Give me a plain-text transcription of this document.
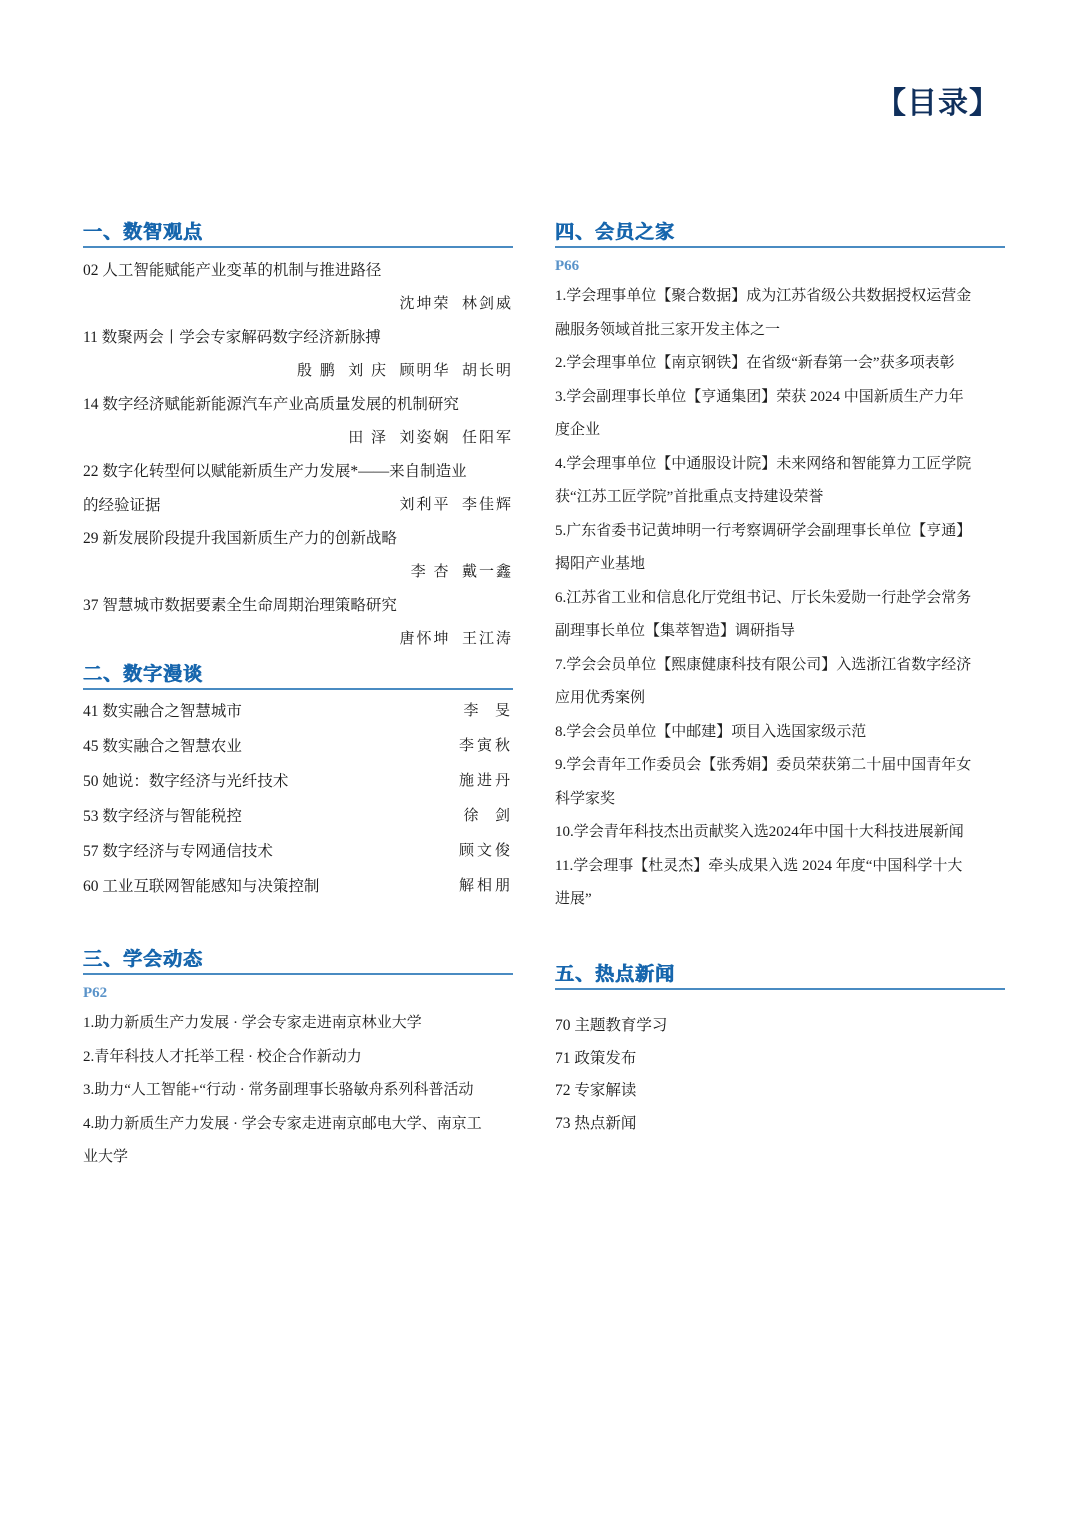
【目录】
一、数智观点
02 人工智能赋能产业变革的机制与推进路径
沈坤荣  林剑威
11 数聚两会丨学会专家解码数字经济新脉搏
殷 鹏  刘 庆  顾明华  胡长明
14 数字经济赋能新能源汽车产业高质量发展的机制研究
田 泽  刘姿娴  任阳军
22 数字化转型何以赋能新质生产力发展*——来自制造业
的经验证据	刘利平  李佳辉
29 新发展阶段提升我国新质生产力的创新战略
李 杏  戴一鑫
37 智慧城市数据要素全生命周期治理策略研究
唐怀坤  王江涛
二、数字漫谈
41 数实融合之智慧城市	李  旻
45 数实融合之智慧农业	李寅秋
50 她说：数字经济与光纤技术	施进丹
53 数字经济与智能税控	徐  剑
57 数字经济与专网通信技术	顾文俊
60 工业互联网智能感知与决策控制	解相朋
三、学会动态
P62
1.助力新质生产力发展 · 学会专家走进南京林业大学
2.青年科技人才托举工程 · 校企合作新动力
3.助力“人工智能+“行动 · 常务副理事长骆敏舟系列科普活动
4.助力新质生产力发展 · 学会专家走进南京邮电大学、南京工
业大学
四、会员之家
P66
1.学会理事单位【聚合数据】成为江苏省级公共数据授权运营金
融服务领域首批三家开发主体之一
2.学会理事单位【南京钢铁】在省级“新春第一会”获多项表彰
3.学会副理事长单位【亨通集团】荣获 2024 中国新质生产力年
度企业
4.学会理事单位【中通服设计院】未来网络和智能算力工匠学院
获“江苏工匠学院”首批重点支持建设荣誉
5.广东省委书记黄坤明一行考察调研学会副理事长单位【亨通】
揭阳产业基地
6.江苏省工业和信息化厅党组书记、厅长朱爱勋一行赴学会常务
副理事长单位【集萃智造】调研指导
7.学会会员单位【熙康健康科技有限公司】入选浙江省数字经济
应用优秀案例
8.学会会员单位【中邮建】项目入选国家级示范
9.学会青年工作委员会【张秀娟】委员荣获第二十届中国青年女
科学家奖
10.学会青年科技杰出贡献奖入选2024年中国十大科技进展新闻
11.学会理事【杜灵杰】牵头成果入选 2024 年度“中国科学十大
进展”
五、热点新闻
70 主题教育学习
71 政策发布
72 专家解读
73 热点新闻
